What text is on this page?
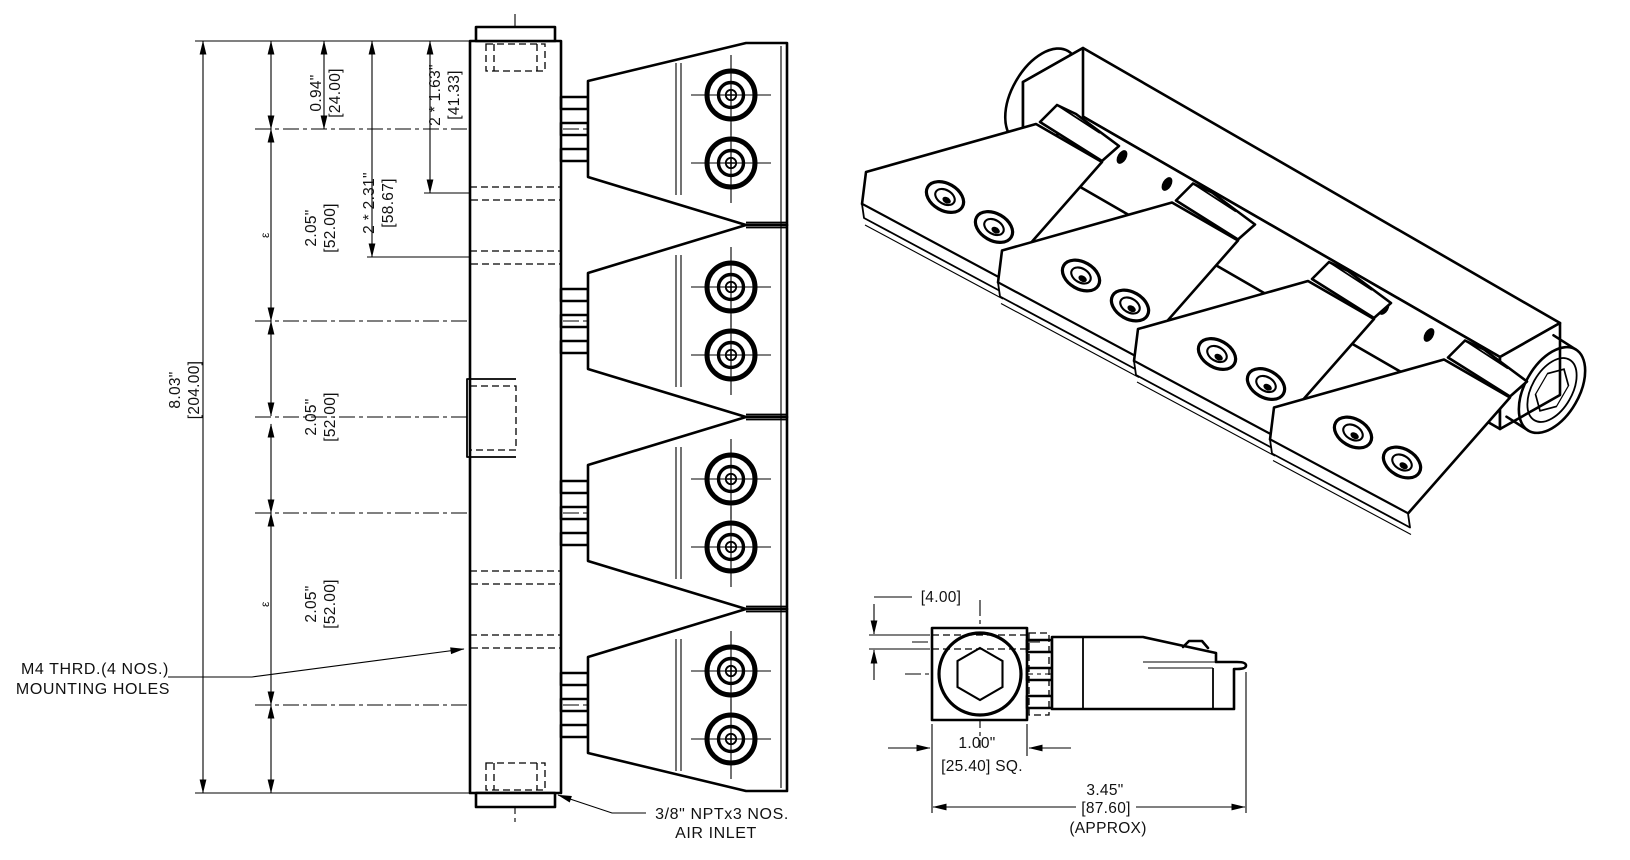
8.03" [204.00]
2.05" [52.00]
2.05" [52.00]
2.05" [52.00]
0.94" [24.00]
2 * 2.31" [58.67]
2 * 1.63" [41.33]
ε
ε
M4 THRD.(4 NOS.)
MOUNTING HOLES
3/8" NPTx3 NOS.
AIR INLET
[4.00]
1.00"
[25.40] SQ.
3.45"
[87.60]
(APPROX)
